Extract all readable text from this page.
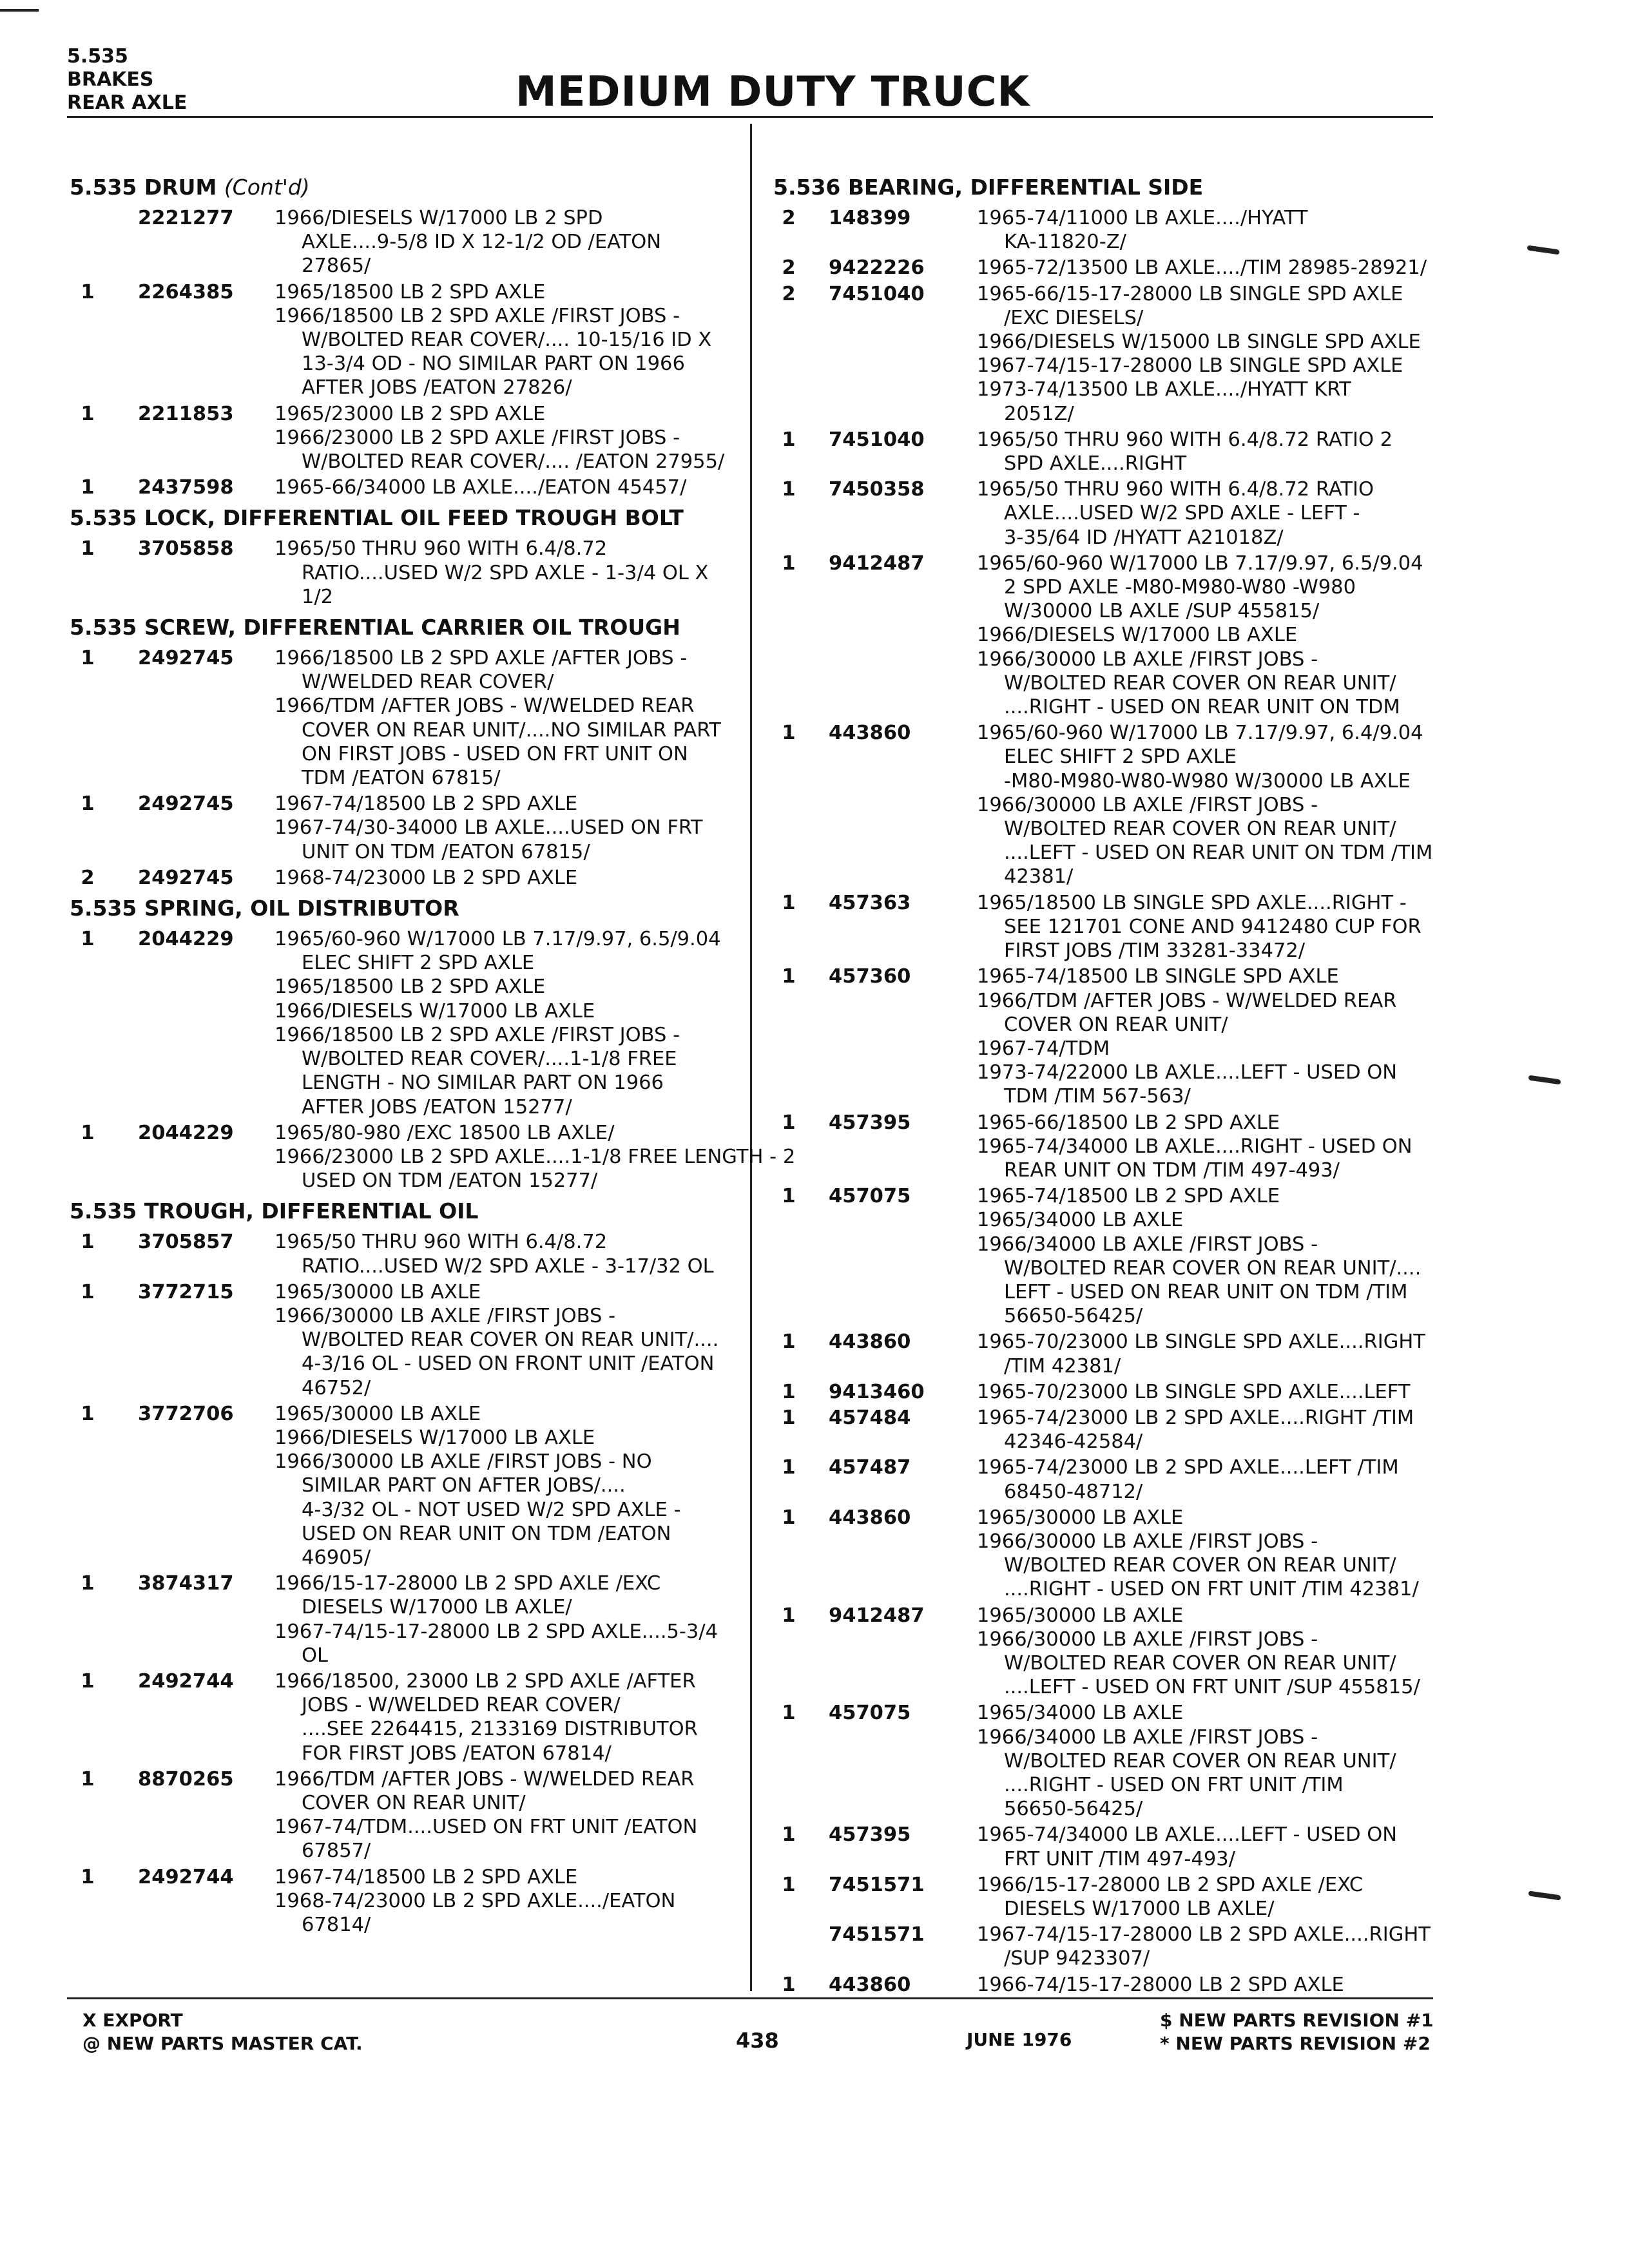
5.535
BRAKES
REAR AXLE	MEDIUM DUTY TRUCK
5.535 DRUM (Cont'd)
2221277	1966/DIESELS W/17000 LB 2 SPD
AXLE....9-5/8 ID X 12-1/2 OD /EATON
27865/
1	2264385	1965/18500 LB 2 SPD AXLE
1966/18500 LB 2 SPD AXLE /FIRST JOBS -
W/BOLTED REAR COVER/.... 10-15/16 ID X
13-3/4 OD - NO SIMILAR PART ON 1966
AFTER JOBS /EATON 27826/
1	2211853	1965/23000 LB 2 SPD AXLE
1966/23000 LB 2 SPD AXLE /FIRST JOBS -
W/BOLTED REAR COVER/.... /EATON 27955/
1	2437598	1965-66/34000 LB AXLE..../EATON 45457/
5.535 LOCK, DIFFERENTIAL OIL FEED TROUGH BOLT
1	3705858	1965/50 THRU 960 WITH 6.4/8.72
RATIO....USED W/2 SPD AXLE - 1-3/4 OL X
1/2
5.535 SCREW, DIFFERENTIAL CARRIER OIL TROUGH
1	2492745	1966/18500 LB 2 SPD AXLE /AFTER JOBS -
W/WELDED REAR COVER/
1966/TDM /AFTER JOBS - W/WELDED REAR
COVER ON REAR UNIT/....NO SIMILAR PART
ON FIRST JOBS - USED ON FRT UNIT ON
TDM /EATON 67815/
1	2492745	1967-74/18500 LB 2 SPD AXLE
1967-74/30-34000 LB AXLE....USED ON FRT
UNIT ON TDM /EATON 67815/
2	2492745	1968-74/23000 LB 2 SPD AXLE
5.535 SPRING, OIL DISTRIBUTOR
1	2044229	1965/60-960 W/17000 LB 7.17/9.97, 6.5/9.04
ELEC SHIFT 2 SPD AXLE
1965/18500 LB 2 SPD AXLE
1966/DIESELS W/17000 LB AXLE
1966/18500 LB 2 SPD AXLE /FIRST JOBS -
W/BOLTED REAR COVER/....1-1/8 FREE
LENGTH - NO SIMILAR PART ON 1966
AFTER JOBS /EATON 15277/
1	2044229	1965/80-980 /EXC 18500 LB AXLE/
1966/23000 LB 2 SPD AXLE....1-1/8 FREE LENGTH - 2
USED ON TDM /EATON 15277/
5.535 TROUGH, DIFFERENTIAL OIL
1	3705857	1965/50 THRU 960 WITH 6.4/8.72
RATIO....USED W/2 SPD AXLE - 3-17/32 OL
1	3772715	1965/30000 LB AXLE
1966/30000 LB AXLE /FIRST JOBS -
W/BOLTED REAR COVER ON REAR UNIT/....
4-3/16 OL - USED ON FRONT UNIT /EATON
46752/
1	3772706	1965/30000 LB AXLE
1966/DIESELS W/17000 LB AXLE
1966/30000 LB AXLE /FIRST JOBS - NO
SIMILAR PART ON AFTER JOBS/....
4-3/32 OL - NOT USED W/2 SPD AXLE -
USED ON REAR UNIT ON TDM /EATON
46905/
1	3874317	1966/15-17-28000 LB 2 SPD AXLE /EXC
DIESELS W/17000 LB AXLE/
1967-74/15-17-28000 LB 2 SPD AXLE....5-3/4
OL
1	2492744	1966/18500, 23000 LB 2 SPD AXLE /AFTER
JOBS - W/WELDED REAR COVER/
....SEE 2264415, 2133169 DISTRIBUTOR
FOR FIRST JOBS /EATON 67814/
1	8870265	1966/TDM /AFTER JOBS - W/WELDED REAR
COVER ON REAR UNIT/
1967-74/TDM....USED ON FRT UNIT /EATON
67857/
1	2492744	1967-74/18500 LB 2 SPD AXLE
1968-74/23000 LB 2 SPD AXLE..../EATON
67814/
5.536 BEARING, DIFFERENTIAL SIDE
2	148399	1965-74/11000 LB AXLE..../HYATT
KA-11820-Z/
2	9422226	1965-72/13500 LB AXLE..../TIM 28985-28921/
2	7451040	1965-66/15-17-28000 LB SINGLE SPD AXLE
/EXC DIESELS/
1966/DIESELS W/15000 LB SINGLE SPD AXLE
1967-74/15-17-28000 LB SINGLE SPD AXLE
1973-74/13500 LB AXLE..../HYATT KRT
2051Z/
1	7451040	1965/50 THRU 960 WITH 6.4/8.72 RATIO 2
SPD AXLE....RIGHT
1	7450358	1965/50 THRU 960 WITH 6.4/8.72 RATIO
AXLE....USED W/2 SPD AXLE - LEFT -
3-35/64 ID /HYATT A21018Z/
1	9412487	1965/60-960 W/17000 LB 7.17/9.97, 6.5/9.04
2 SPD AXLE -M80-M980-W80 -W980
W/30000 LB AXLE /SUP 455815/
1966/DIESELS W/17000 LB AXLE
1966/30000 LB AXLE /FIRST JOBS -
W/BOLTED REAR COVER ON REAR UNIT/
....RIGHT - USED ON REAR UNIT ON TDM
1	443860	1965/60-960 W/17000 LB 7.17/9.97, 6.4/9.04
ELEC SHIFT 2 SPD AXLE
-M80-M980-W80-W980 W/30000 LB AXLE
1966/30000 LB AXLE /FIRST JOBS -
W/BOLTED REAR COVER ON REAR UNIT/
....LEFT - USED ON REAR UNIT ON TDM /TIM
42381/
1	457363	1965/18500 LB SINGLE SPD AXLE....RIGHT -
SEE 121701 CONE AND 9412480 CUP FOR
FIRST JOBS /TIM 33281-33472/
1	457360	1965-74/18500 LB SINGLE SPD AXLE
1966/TDM /AFTER JOBS - W/WELDED REAR
COVER ON REAR UNIT/
1967-74/TDM
1973-74/22000 LB AXLE....LEFT - USED ON
TDM /TIM 567-563/
1	457395	1965-66/18500 LB 2 SPD AXLE
1965-74/34000 LB AXLE....RIGHT - USED ON
REAR UNIT ON TDM /TIM 497-493/
1	457075	1965-74/18500 LB 2 SPD AXLE
1965/34000 LB AXLE
1966/34000 LB AXLE /FIRST JOBS -
W/BOLTED REAR COVER ON REAR UNIT/....
LEFT - USED ON REAR UNIT ON TDM /TIM
56650-56425/
1	443860	1965-70/23000 LB SINGLE SPD AXLE....RIGHT
/TIM 42381/
1	9413460	1965-70/23000 LB SINGLE SPD AXLE....LEFT
1	457484	1965-74/23000 LB 2 SPD AXLE....RIGHT /TIM
42346-42584/
1	457487	1965-74/23000 LB 2 SPD AXLE....LEFT /TIM
68450-48712/
1	443860	1965/30000 LB AXLE
1966/30000 LB AXLE /FIRST JOBS -
W/BOLTED REAR COVER ON REAR UNIT/
....RIGHT - USED ON FRT UNIT /TIM 42381/
1	9412487	1965/30000 LB AXLE
1966/30000 LB AXLE /FIRST JOBS -
W/BOLTED REAR COVER ON REAR UNIT/
....LEFT - USED ON FRT UNIT /SUP 455815/
1	457075	1965/34000 LB AXLE
1966/34000 LB AXLE /FIRST JOBS -
W/BOLTED REAR COVER ON REAR UNIT/
....RIGHT - USED ON FRT UNIT /TIM
56650-56425/
1	457395	1965-74/34000 LB AXLE....LEFT - USED ON
FRT UNIT /TIM 497-493/
1	7451571	1966/15-17-28000 LB 2 SPD AXLE /EXC
DIESELS W/17000 LB AXLE/
7451571	1967-74/15-17-28000 LB 2 SPD AXLE....RIGHT
/SUP 9423307/
1	443860	1966-74/15-17-28000 LB 2 SPD AXLE
X EXPORT
@ NEW PARTS MASTER CAT.	438	JUNE 1976
$ NEW PARTS REVISION #1
* NEW PARTS REVISION #2
